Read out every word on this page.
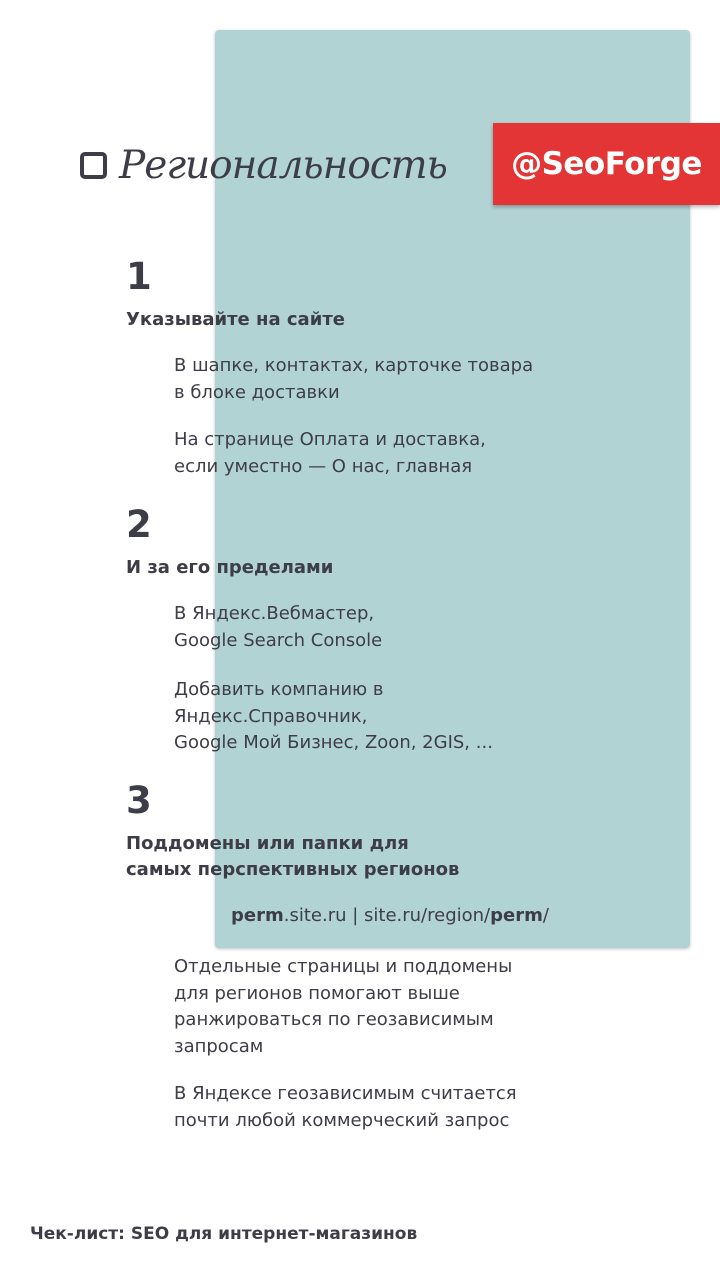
@SeoForge
Региональность
1
Указывайте на сайте
В шапке, контактах, карточке товара
в блоке доставки
На странице Оплата и доставка,
если уместно — О нас, главная
2
И за его пределами
В Яндекс.Вебмастер,
Google Search Console
Добавить компанию в
Яндекс.Справочник,
Google Мой Бизнес, Zoon, 2GIS, ...
3
Поддомены или папки для
самых перспективных регионов
perm.site.ru | site.ru/region/perm/
Отдельные страницы и поддомены
для регионов помогают выше
ранжироваться по геозависимым
запросам
В Яндексе геозависимым считается
почти любой коммерческий запрос
Чек-лист: SEO для интернет-магазинов
